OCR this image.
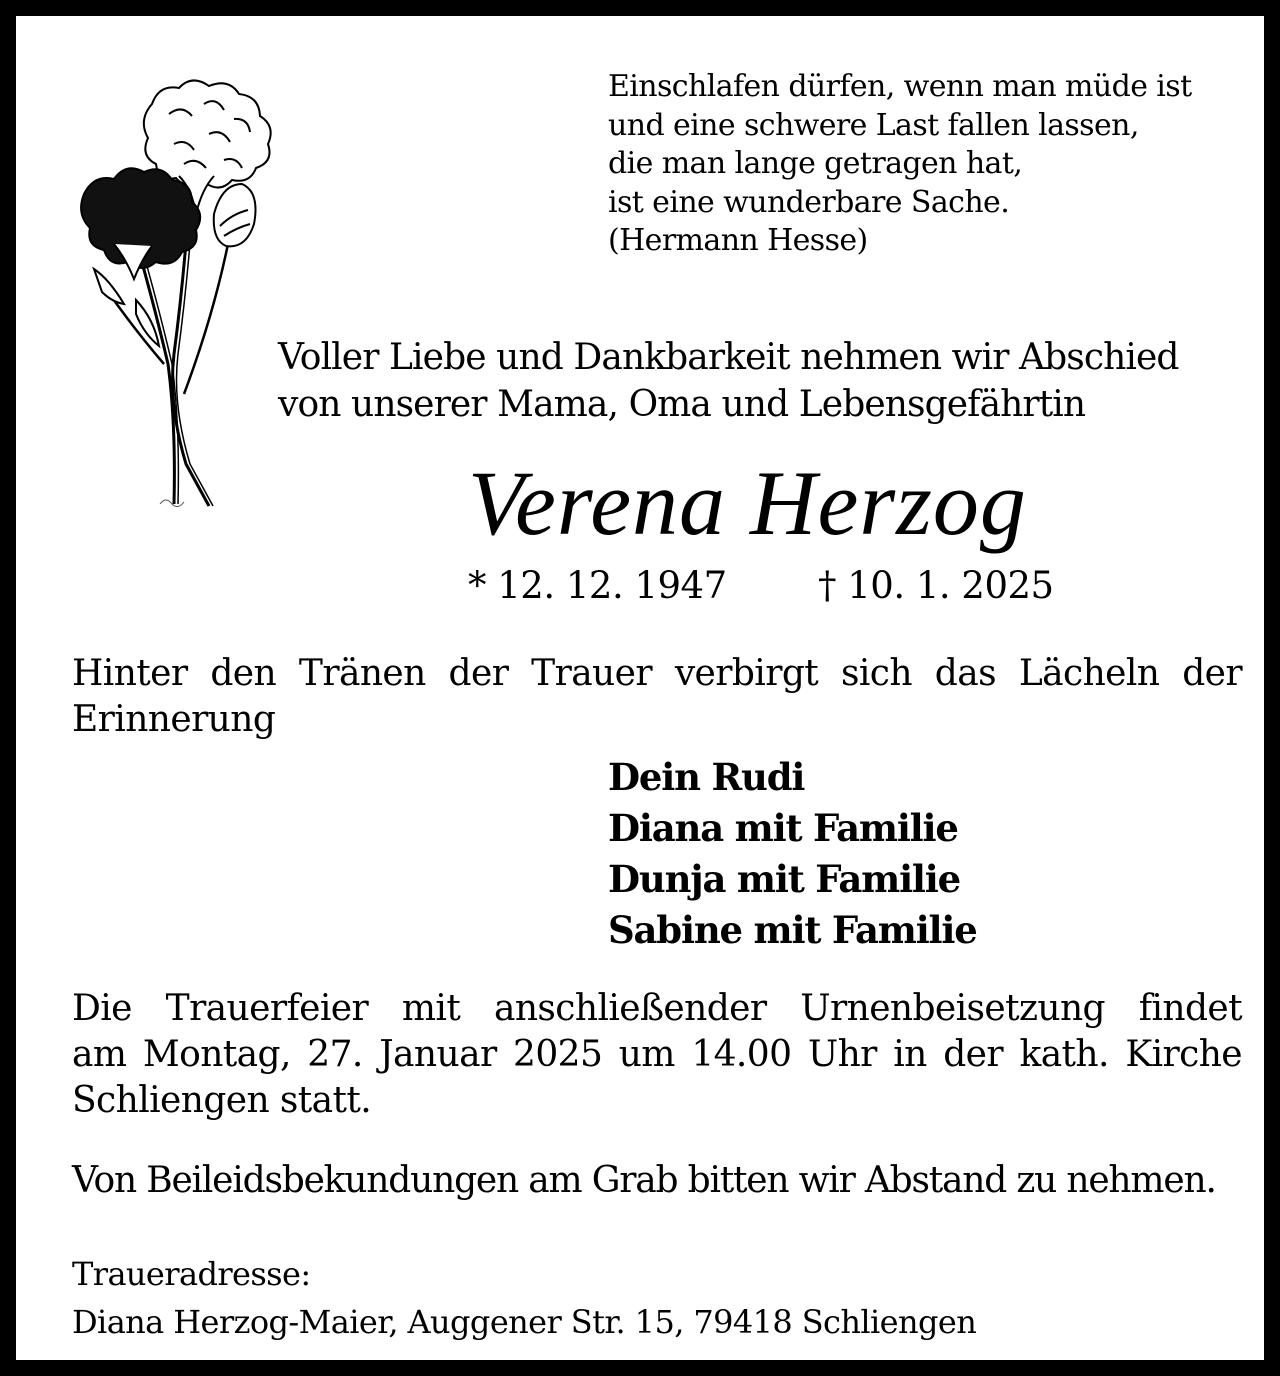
Einschlafen dürfen, wenn man müde ist
und eine schwere Last fallen lassen,
die man lange getragen hat,
ist eine wunderbare Sache.
(Hermann Hesse)
Voller Liebe und Dankbarkeit nehmen wir Abschied
von unserer Mama, Oma und Lebensgefährtin
Verena Herzog
* 12. 12. 1947 † 10. 1. 2025
Hinter den Tränen der Trauer verbirgt sich das Lächeln der Erinnerung
Dein Rudi
Diana mit Familie
Dunja mit Familie
Sabine mit Familie
Die Trauerfeier mit anschließender Urnenbeisetzung findet
am Montag, 27. Januar 2025 um 14.00 Uhr in der kath. Kirche
Schliengen statt.
Von Beileidsbekundungen am Grab bitten wir Abstand zu nehmen.
Traueradresse:
Diana Herzog-Maier, Auggener Str. 15, 79418 Schliengen
